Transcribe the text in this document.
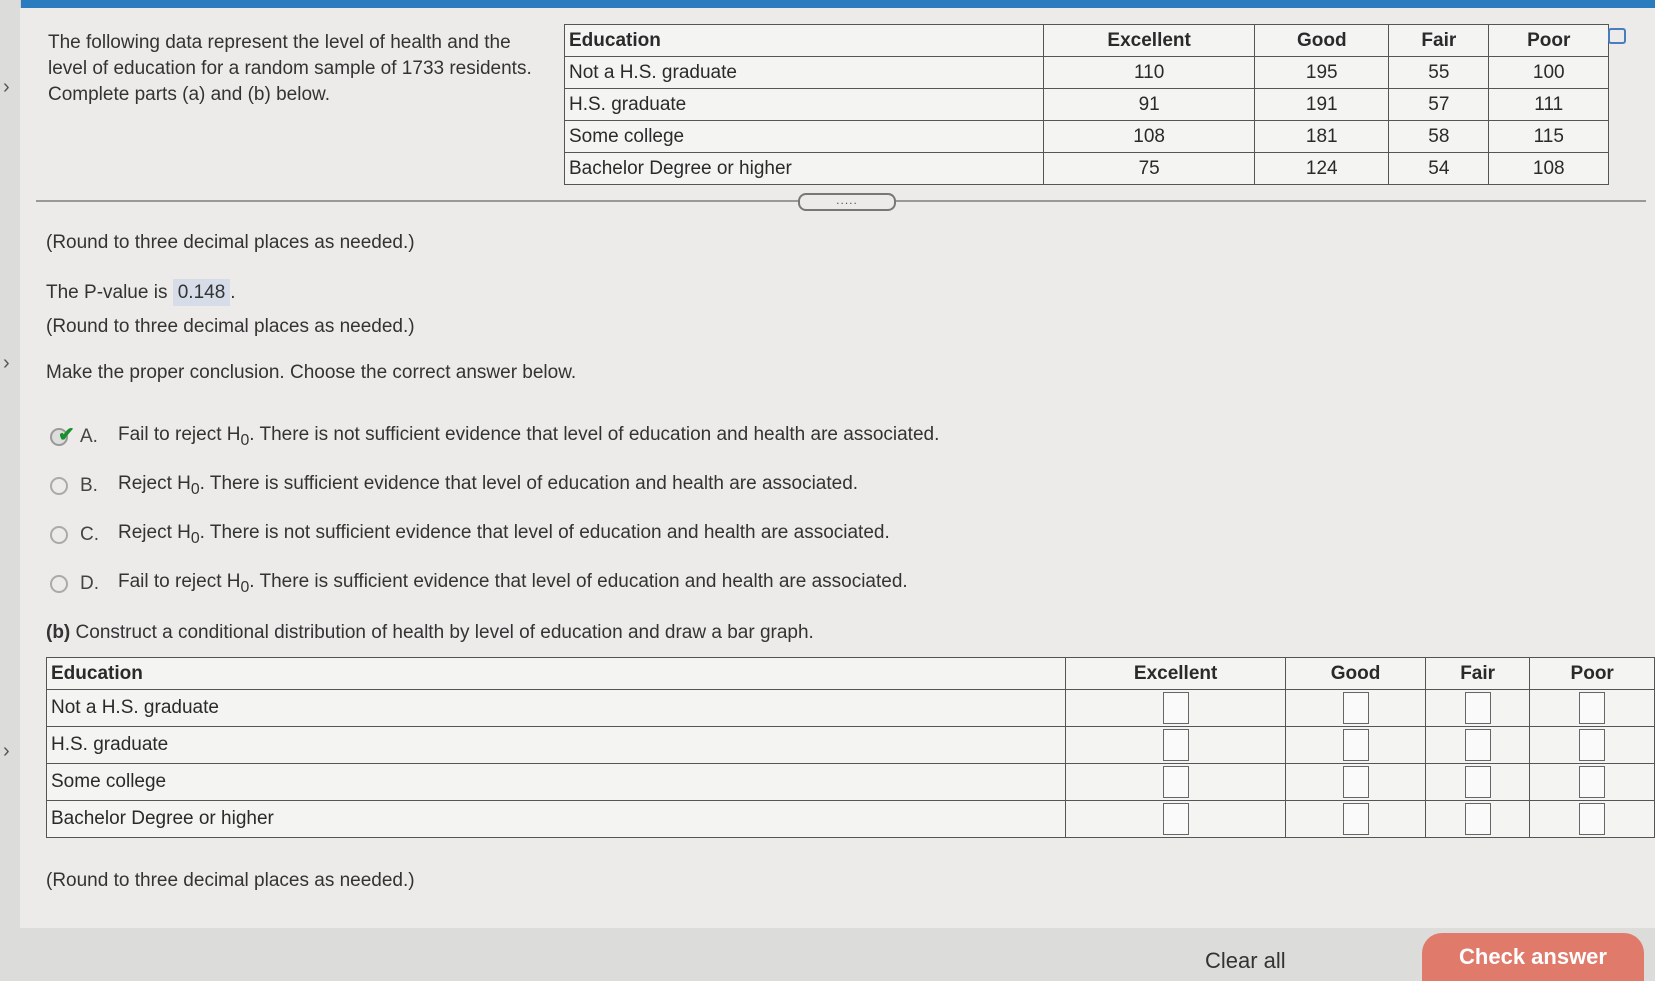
›
›
›
The following data represent the level of health and the level of education for a random sample of 1733 residents. Complete parts (a) and (b) below.
Education	Excellent	Good	Fair	Poor
Not a H.S. graduate	110	195	55	100
H.S. graduate	91	191	57	111
Some college	108	181	58	115
Bachelor Degree or higher	75	124	54	108
.....
(Round to three decimal places as needed.)
The P-value is 0.148 .
(Round to three decimal places as needed.)
Make the proper conclusion. Choose the correct answer below.
✔ A.	Fail to reject $H_0$. There is not sufficient evidence that level of education and health are associated.
B.	Reject $H_0$. There is sufficient evidence that level of education and health are associated.
C.	Reject $H_0$. There is not sufficient evidence that level of education and health are associated.
D.	Fail to reject $H_0$. There is sufficient evidence that level of education and health are associated.
(b) Construct a conditional distribution of health by level of education and draw a bar graph.
Education	Excellent	Good	Fair	Poor
Not a H.S. graduate				
H.S. graduate				
Some college				
Bachelor Degree or higher				
(Round to three decimal places as needed.)
Clear all	Check answer
